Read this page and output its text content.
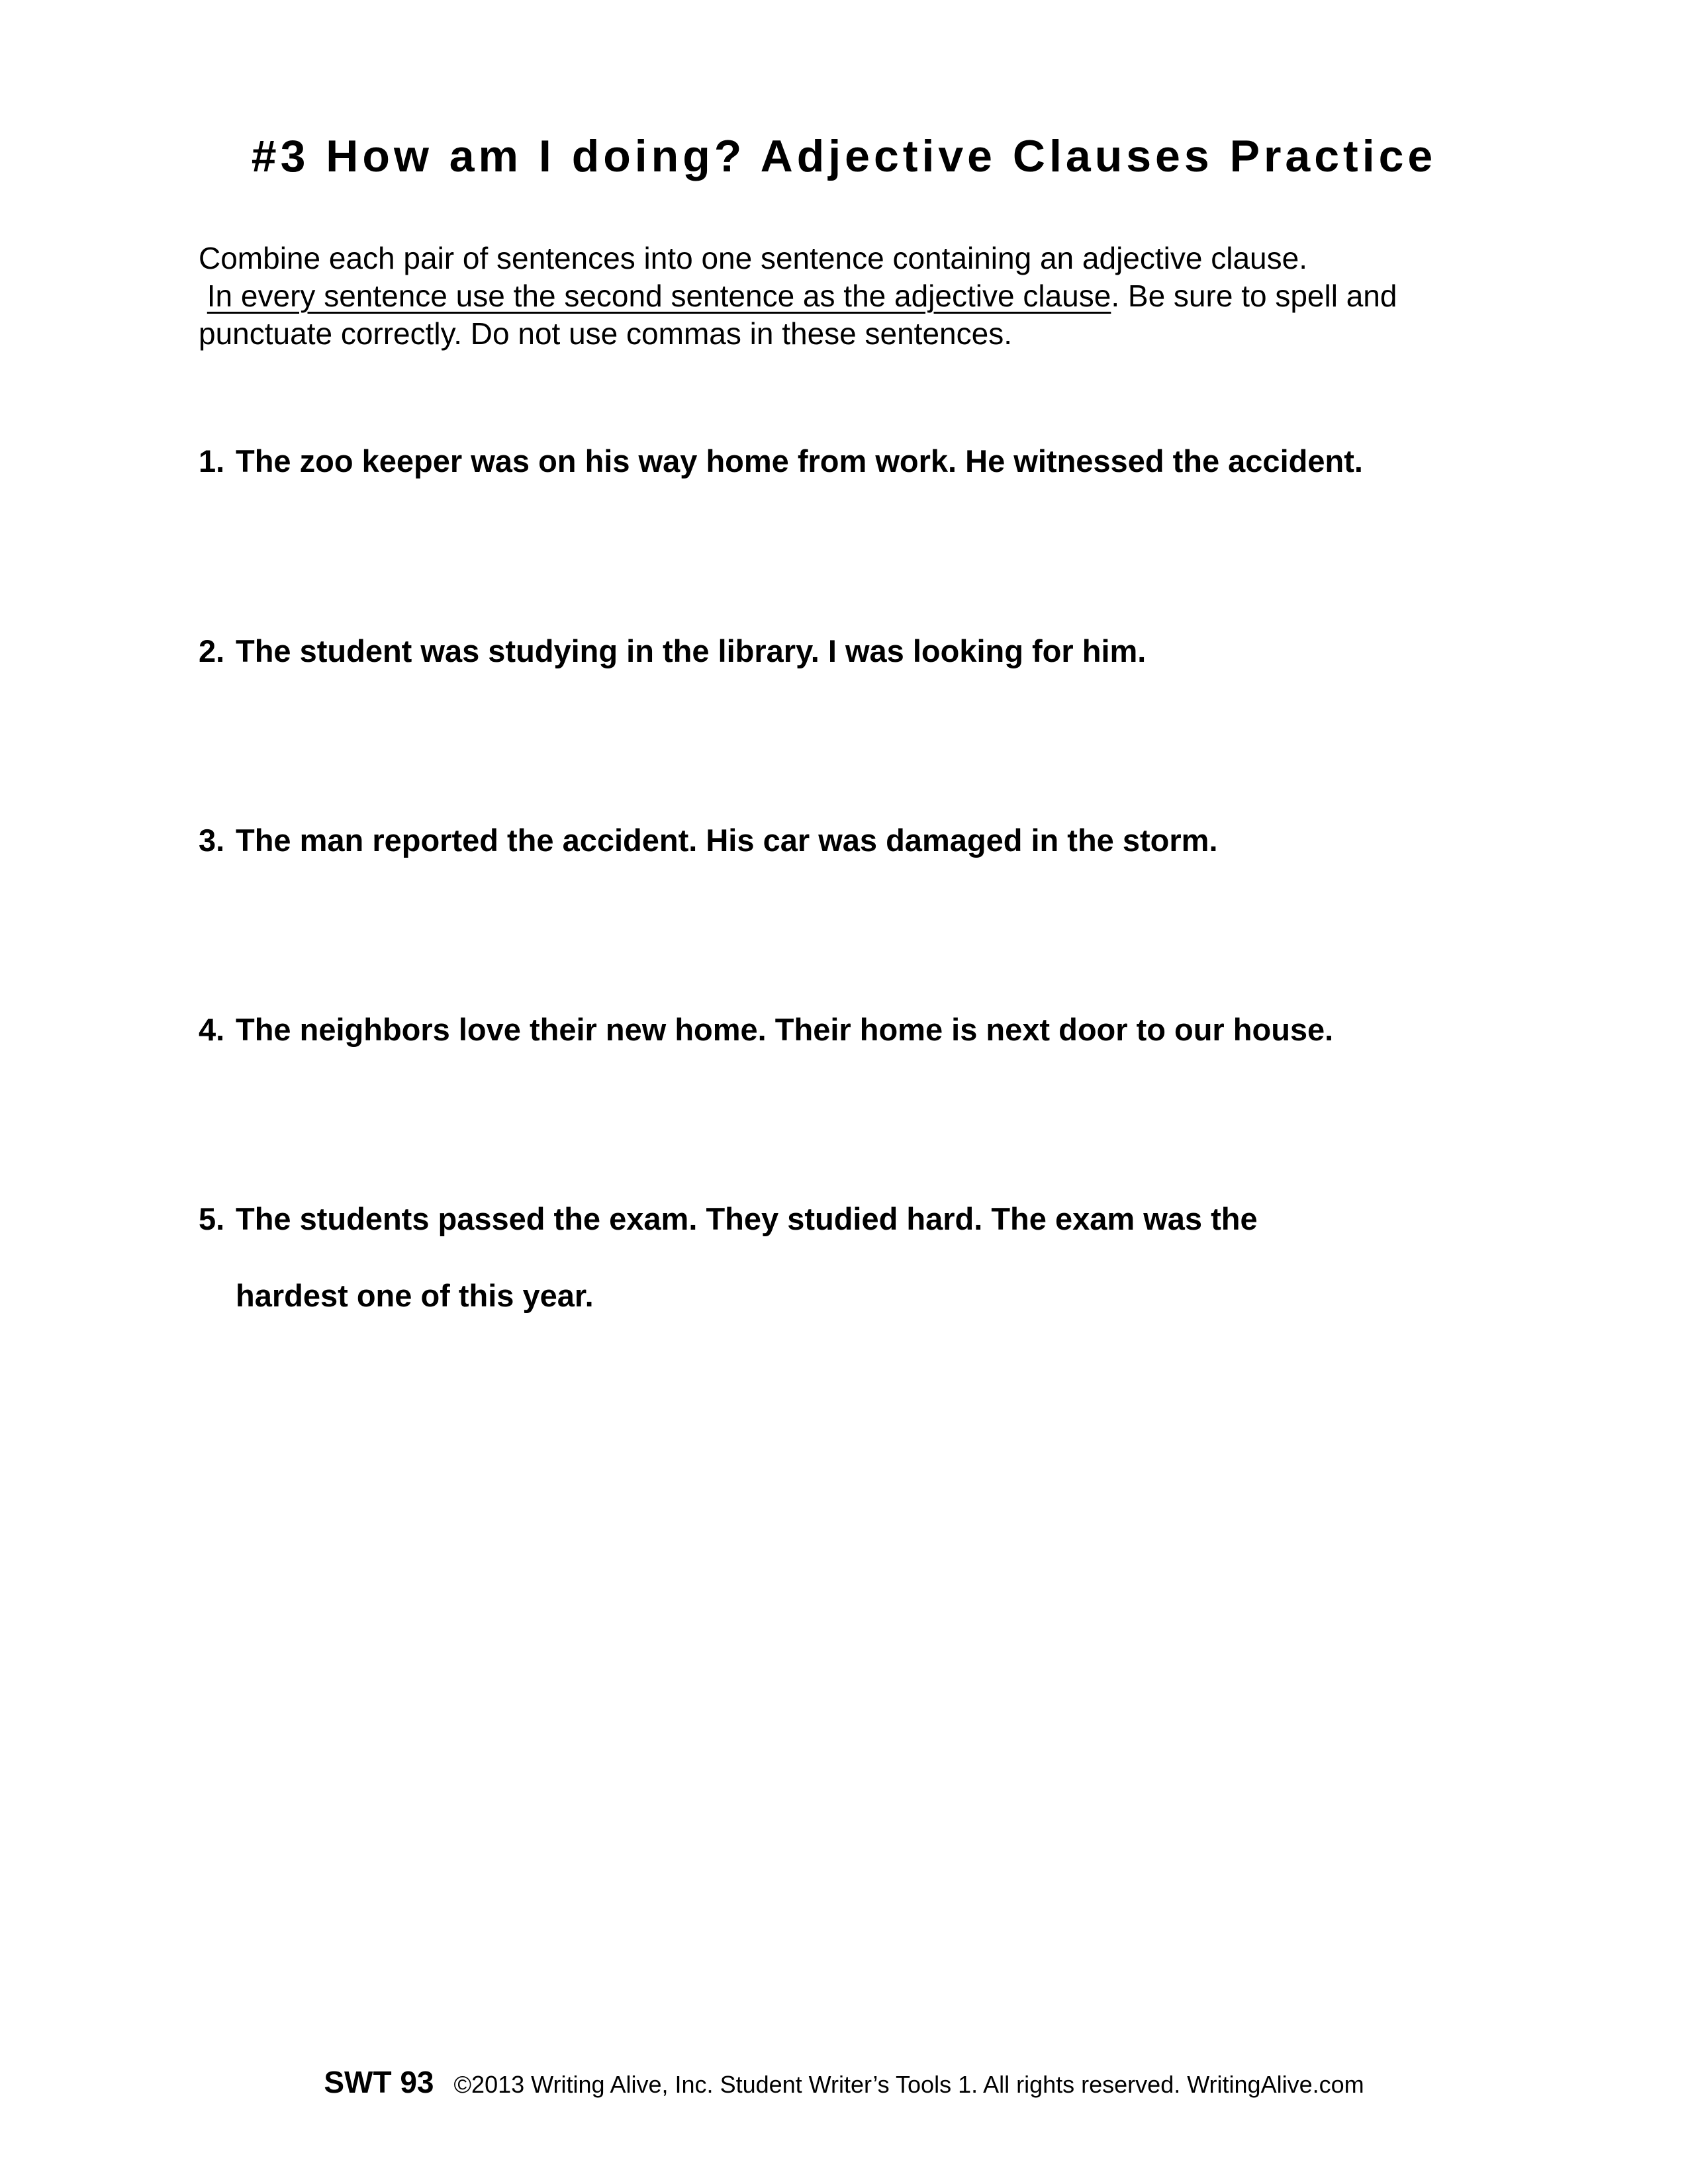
#3 How am I doing? Adjective Clauses Practice
Combine each pair of sentences into one sentence containing an adjective clause.
In every sentence use the second sentence as the adjective clause. Be sure to spell and
punctuate correctly. Do not use commas in these sentences.
1. The zoo keeper was on his way home from work. He witnessed the accident.
2. The student was studying in the library. I was looking for him.
3. The man reported the accident. His car was damaged in the storm.
4. The neighbors love their new home. Their home is next door to our house.
5. The students passed the exam. They studied hard. The exam was the
hardest one of this year.
SWT 93 ©2013 Writing Alive, Inc. Student Writer’s Tools 1. All rights reserved. WritingAlive.com
